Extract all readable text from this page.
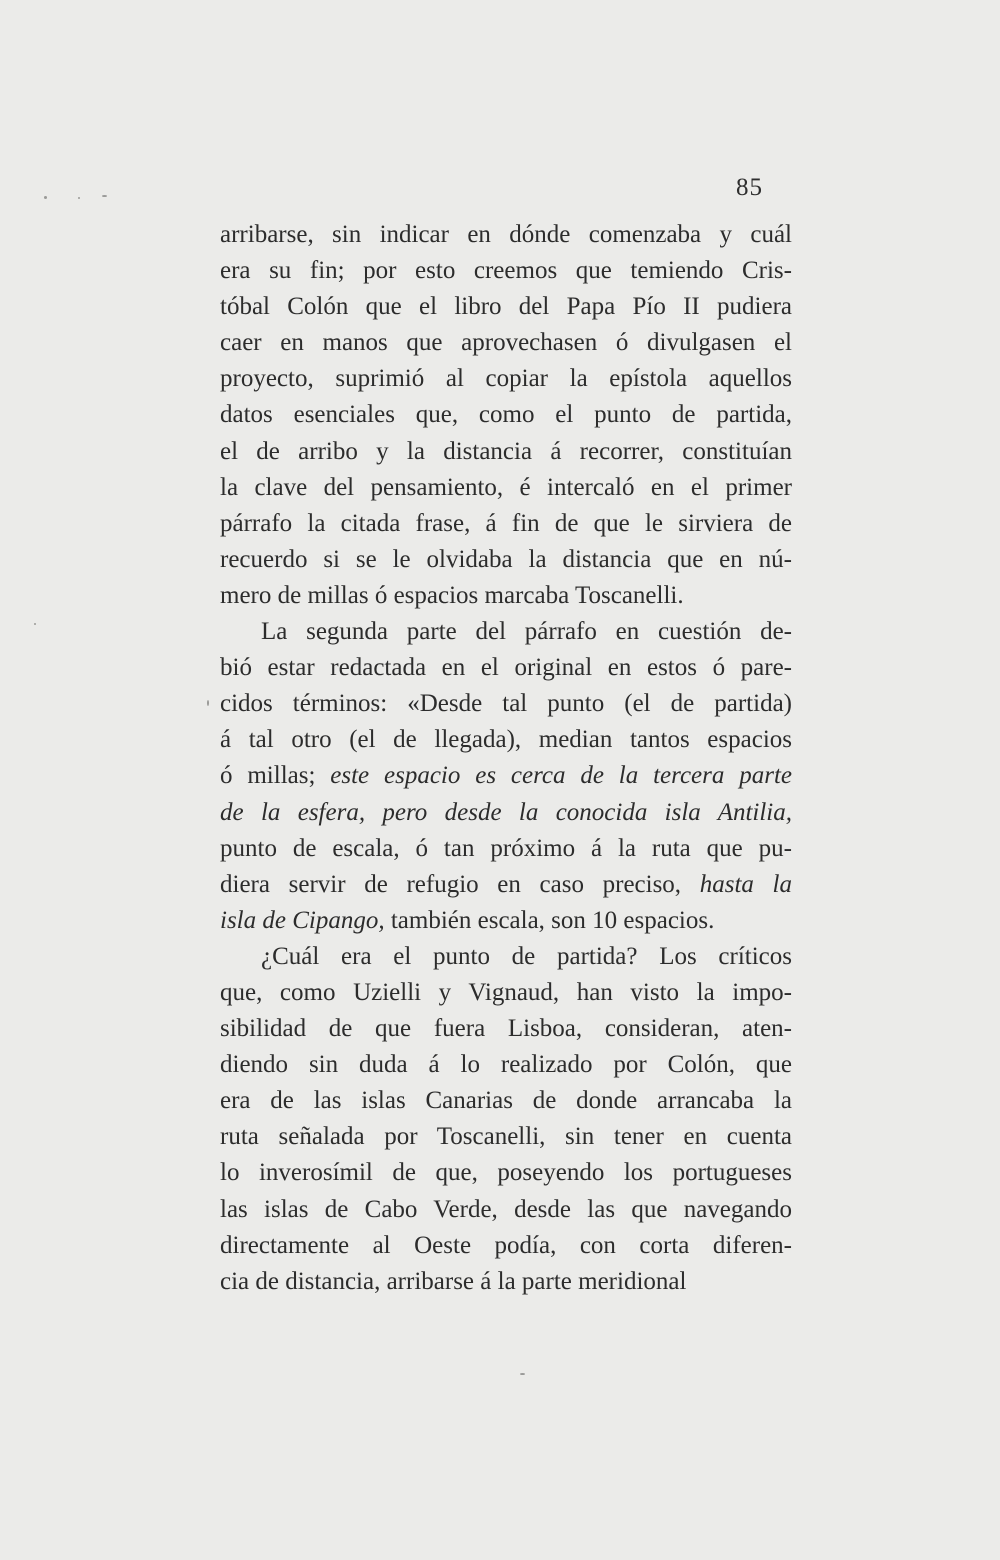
85
arribarse, sin indicar en dónde comenzaba y cuál
era su fin; por esto creemos que temiendo Cris-
tóbal Colón que el libro del Papa Pío II pudiera
caer en manos que aprovechasen ó divulgasen el
proyecto, suprimió al copiar la epístola aquellos
datos esenciales que, como el punto de partida,
el de arribo y la distancia á recorrer, constituían
la clave del pensamiento, é intercaló en el primer
párrafo la citada frase, á fin de que le sirviera de
recuerdo si se le olvidaba la distancia que en nú-
mero de millas ó espacios marcaba Toscanelli.
La segunda parte del párrafo en cuestión de-
bió estar redactada en el original en estos ó pare-
cidos términos: «Desde tal punto (el de partida)
á tal otro (el de llegada), median tantos espacios
ó millas; este espacio es cerca de la tercera parte
de la esfera, pero desde la conocida isla Antilia,
punto de escala, ó tan próximo á la ruta que pu-
diera servir de refugio en caso preciso, hasta la
isla de Cipango, también escala, son 10 espacios.
¿Cuál era el punto de partida? Los críticos
que, como Uzielli y Vignaud, han visto la impo-
sibilidad de que fuera Lisboa, consideran, aten-
diendo sin duda á lo realizado por Colón, que
era de las islas Canarias de donde arrancaba la
ruta señalada por Toscanelli, sin tener en cuenta
lo inverosímil de que, poseyendo los portugueses
las islas de Cabo Verde, desde las que navegando
directamente al Oeste podía, con corta diferen-
cia de distancia, arribarse á la parte meridional
